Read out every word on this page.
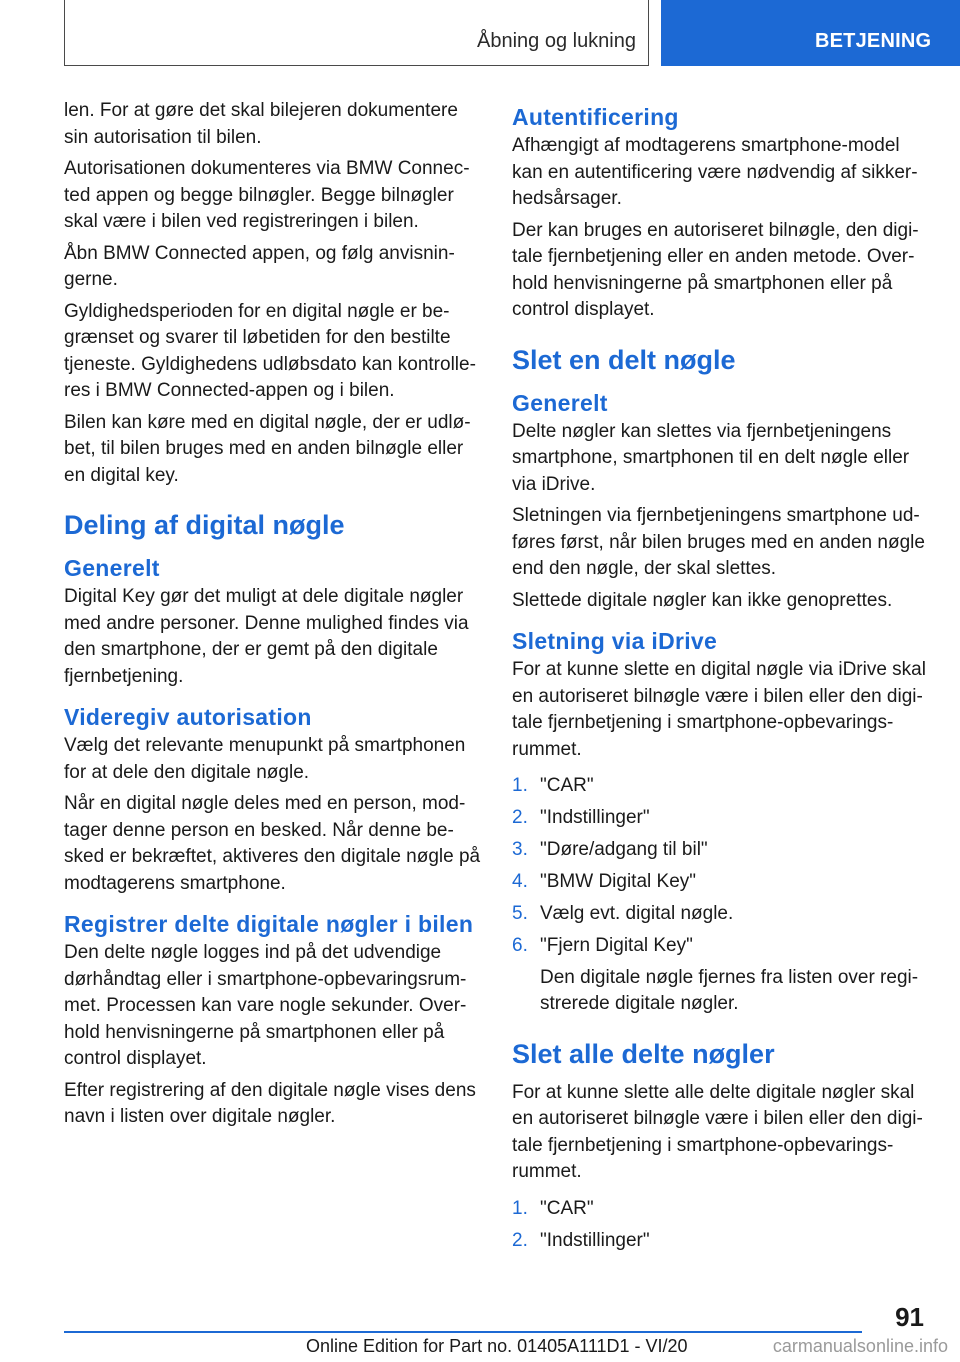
Åbning og lukning	BETJENING

len. For at gøre det skal bilejeren dokumentere sin autorisation til bilen.

Autorisationen dokumenteres via BMW Connec-ted appen og begge bilnøgler. Begge bilnøgler skal være i bilen ved registreringen i bilen.

Åbn BMW Connected appen, og følg anvisnin-gerne.

Gyldighedsperioden for en digital nøgle er be-grænset og svarer til løbetiden for den bestilte tjeneste. Gyldighedens udløbsdato kan kontrolle-res i BMW Connected-appen og i bilen.

Bilen kan køre med en digital nøgle, der er udlø-bet, til bilen bruges med en anden bilnøgle eller en digital key.

Deling af digital nøgle
Generelt

Digital Key gør det muligt at dele digitale nøgler med andre personer. Denne mulighed findes via den smartphone, der er gemt på den digitale fjernbetjening.

Videregiv autorisation

Vælg det relevante menupunkt på smartphonen for at dele den digitale nøgle.

Når en digital nøgle deles med en person, mod-tager denne person en besked. Når denne be-sked er bekræftet, aktiveres den digitale nøgle på modtagerens smartphone.

Registrer delte digitale nøgler i bilen

Den delte nøgle logges ind på det udvendige dørhåndtag eller i smartphone-opbevaringsrum-met. Processen kan vare nogle sekunder. Over-hold henvisningerne på smartphonen eller på control displayet.

Efter registrering af den digitale nøgle vises dens navn i listen over digitale nøgler.

Autentificering

Afhængigt af modtagerens smartphone-model kan en autentificering være nødvendig af sikker-hedsårsager.

Der kan bruges en autoriseret bilnøgle, den digi-tale fjernbetjening eller en anden metode. Over-hold henvisningerne på smartphonen eller på control displayet.

Slet en delt nøgle
Generelt

Delte nøgler kan slettes via fjernbetjeningens smartphone, smartphonen til en delt nøgle eller via iDrive.

Sletningen via fjernbetjeningens smartphone ud-føres først, når bilen bruges med en anden nøgle end den nøgle, der skal slettes.

Slettede digitale nøgler kan ikke genoprettes.

Sletning via iDrive

For at kunne slette en digital nøgle via iDrive skal en autoriseret bilnøgle være i bilen eller den digi-tale fjernbetjening i smartphone-opbevarings-rummet.

1. "CAR"
2. "Indstillinger"
3. "Døre/adgang til bil"
4. "BMW Digital Key"
5. Vælg evt. digital nøgle.
6. "Fjern Digital Key"
Den digitale nøgle fjernes fra listen over regi-strerede digitale nøgler.
Slet alle delte nøgler

For at kunne slette alle delte digitale nøgler skal en autoriseret bilnøgle være i bilen eller den digi-tale fjernbetjening i smartphone-opbevarings-rummet.

1. "CAR"
2. "Indstillinger"
91
Online Edition for Part no. 01405A111D1 - VI/20	carmanualsonline.info
